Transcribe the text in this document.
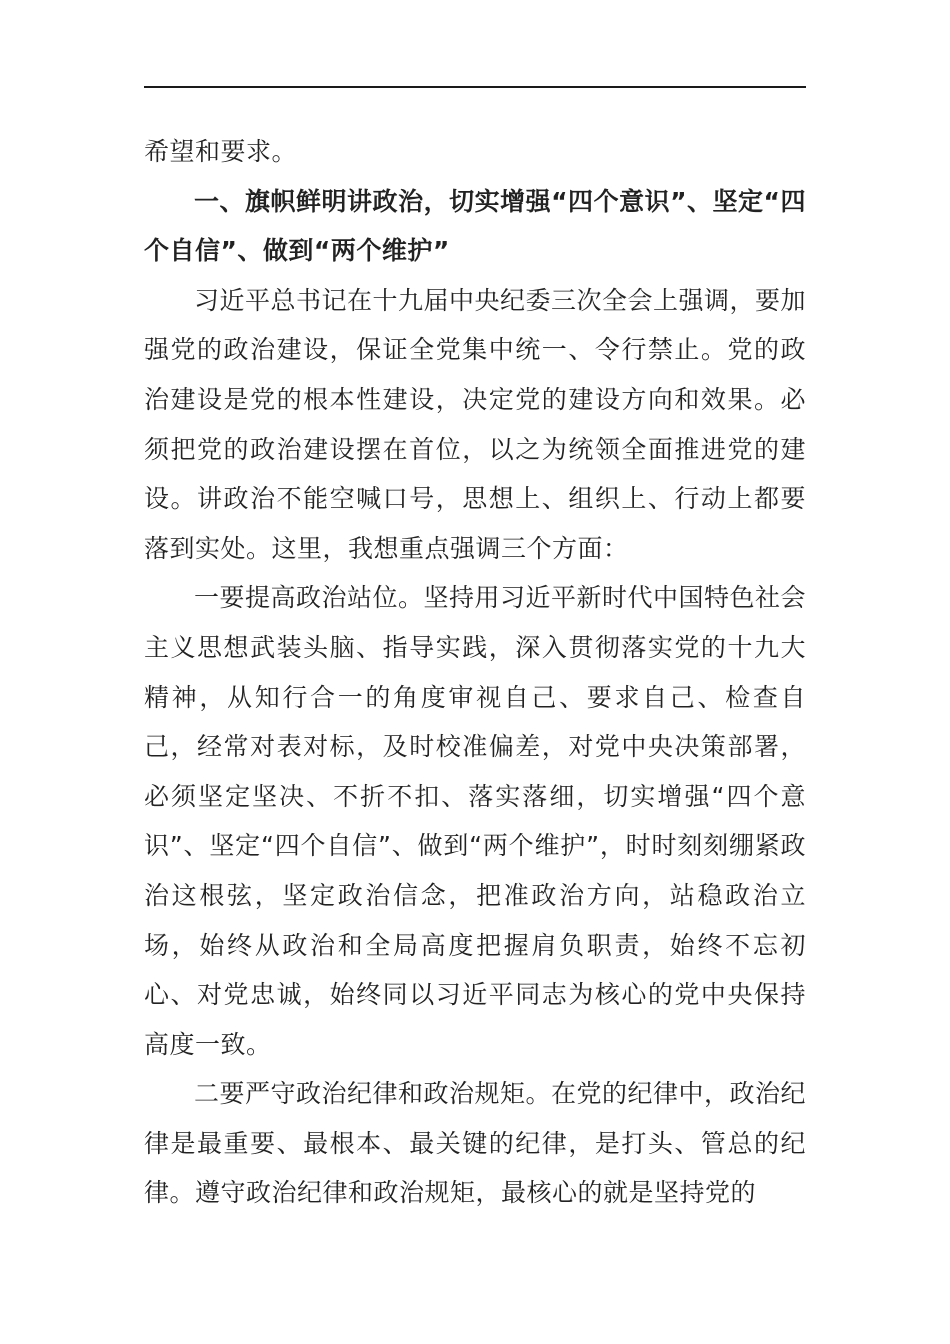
希望和要求。

一、旗帜鲜明讲政治，切实增强“四个意识”、坚定“四个自信”、做到“两个维护”

习近平总书记在十九届中央纪委三次全会上强调，要加强党的政治建设，保证全党集中统一、令行禁止。党的政治建设是党的根本性建设，决定党的建设方向和效果。必须把党的政治建设摆在首位，以之为统领全面推进党的建设。讲政治不能空喊口号，思想上、组织上、行动上都要落到实处。这里，我想重点强调三个方面：

一要提高政治站位。坚持用习近平新时代中国特色社会主义思想武装头脑、指导实践，深入贯彻落实党的十九大精神，从知行合一的角度审视自己、要求自己、检查自己，经常对表对标，及时校准偏差，对党中央决策部署，必须坚定坚决、不折不扣、落实落细，切实增强“四个意识”、坚定“四个自信”、做到“两个维护”，时时刻刻绷紧政治这根弦，坚定政治信念，把准政治方向，站稳政治立场，始终从政治和全局高度把握肩负职责，始终不忘初心、对党忠诚，始终同以习近平同志为核心的党中央保持高度一致。

二要严守政治纪律和政治规矩。在党的纪律中，政治纪律是最重要、最根本、最关键的纪律，是打头、管总的纪律。遵守政治纪律和政治规矩，最核心的就是坚持党的
